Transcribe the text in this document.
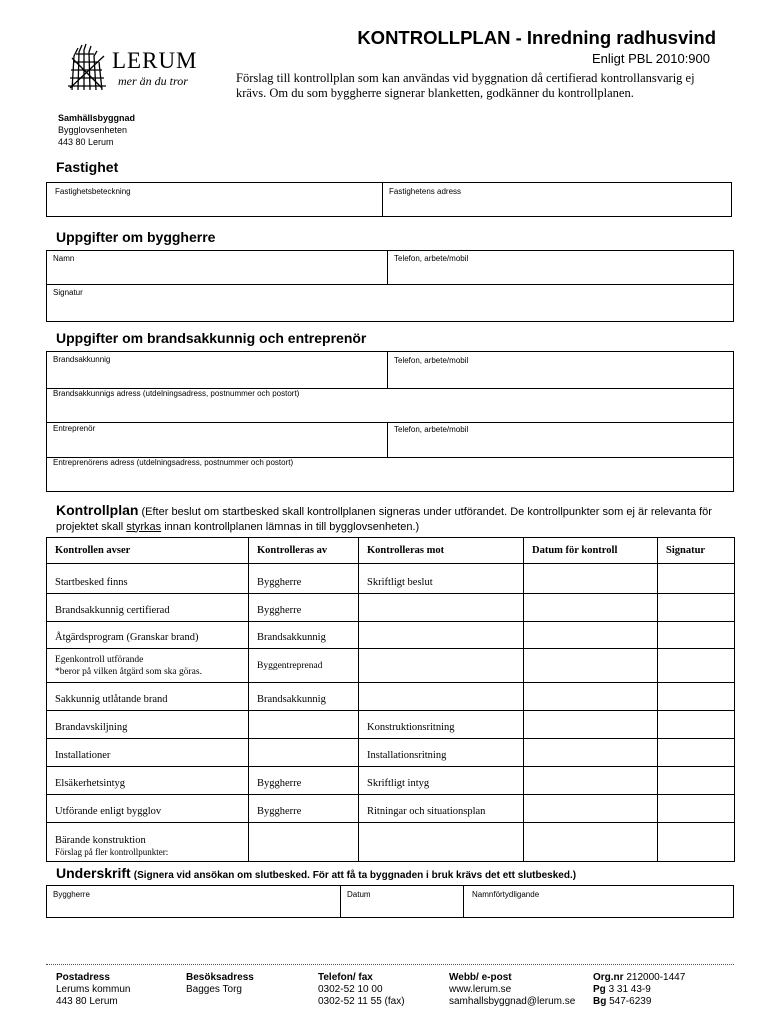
LERUM
mer än du tror
KONTROLLPLAN - Inredning radhusvind
Enligt PBL 2010:900
Förslag till kontrollplan som kan användas vid byggnation då certifierad kontrollansvarig ej krävs. Om du som byggherre signerar blanketten, godkänner du kontrollplanen.
Samhällsbyggnad
Bygglovsenheten
443 80 Lerum
Fastighet
Fastighetsbeteckning	Fastighetens adress
Uppgifter om byggherre
Namn	Telefon, arbete/mobil
Signatur
Uppgifter om brandsakkunnig och entreprenör
Brandsakkunnig	Telefon, arbete/mobil
Brandsakkunnigs adress (utdelningsadress, postnummer och postort)
Entreprenör	Telefon, arbete/mobil
Entreprenörens adress (utdelningsadress, postnummer och postort)
Kontrollplan (Efter beslut om startbesked skall kontrollplanen signeras under utförandet. De kontrollpunkter som ej är relevanta för projektet skall styrkas innan kontrollplanen lämnas in till bygglovsenheten.)
Kontrollen avser	Kontrolleras av	Kontrolleras mot	Datum för kontroll	Signatur
Startbesked finns	Byggherre	Skriftligt beslut		
Brandsakkunnig certifierad	Byggherre			
Åtgärdsprogram (Granskar brand)	Brandsakkunnig			

Egenkontroll utförande
*beror på vilken åtgärd som ska göras.	Byggentreprenad			
Sakkunnig utlåtande brand	Brandsakkunnig			
Brandavskiljning		Konstruktionsritning		
Installationer		Installationsritning		
Elsäkerhetsintyg	Byggherre	Skriftligt intyg		
Utförande enligt bygglov	Byggherre	Ritningar och situationsplan		

Bärande konstruktion
Förslag på fler kontrollpunkter:				

Underskrift (Signera vid ansökan om slutbesked. För att få ta byggnaden i bruk krävs det ett slutbesked.)
Byggherre	Datum	Namnförtydligande
Postadress
Lerums kommun
443 80 Lerum
Besöksadress
Bagges Torg
Telefon/ fax
0302-52 10 00
0302-52 11 55 (fax)
Webb/ e-post
www.lerum.se
samhallsbyggnad@lerum.se
Org.nr 212000-1447
Pg 3 31 43-9
Bg 547-6239
